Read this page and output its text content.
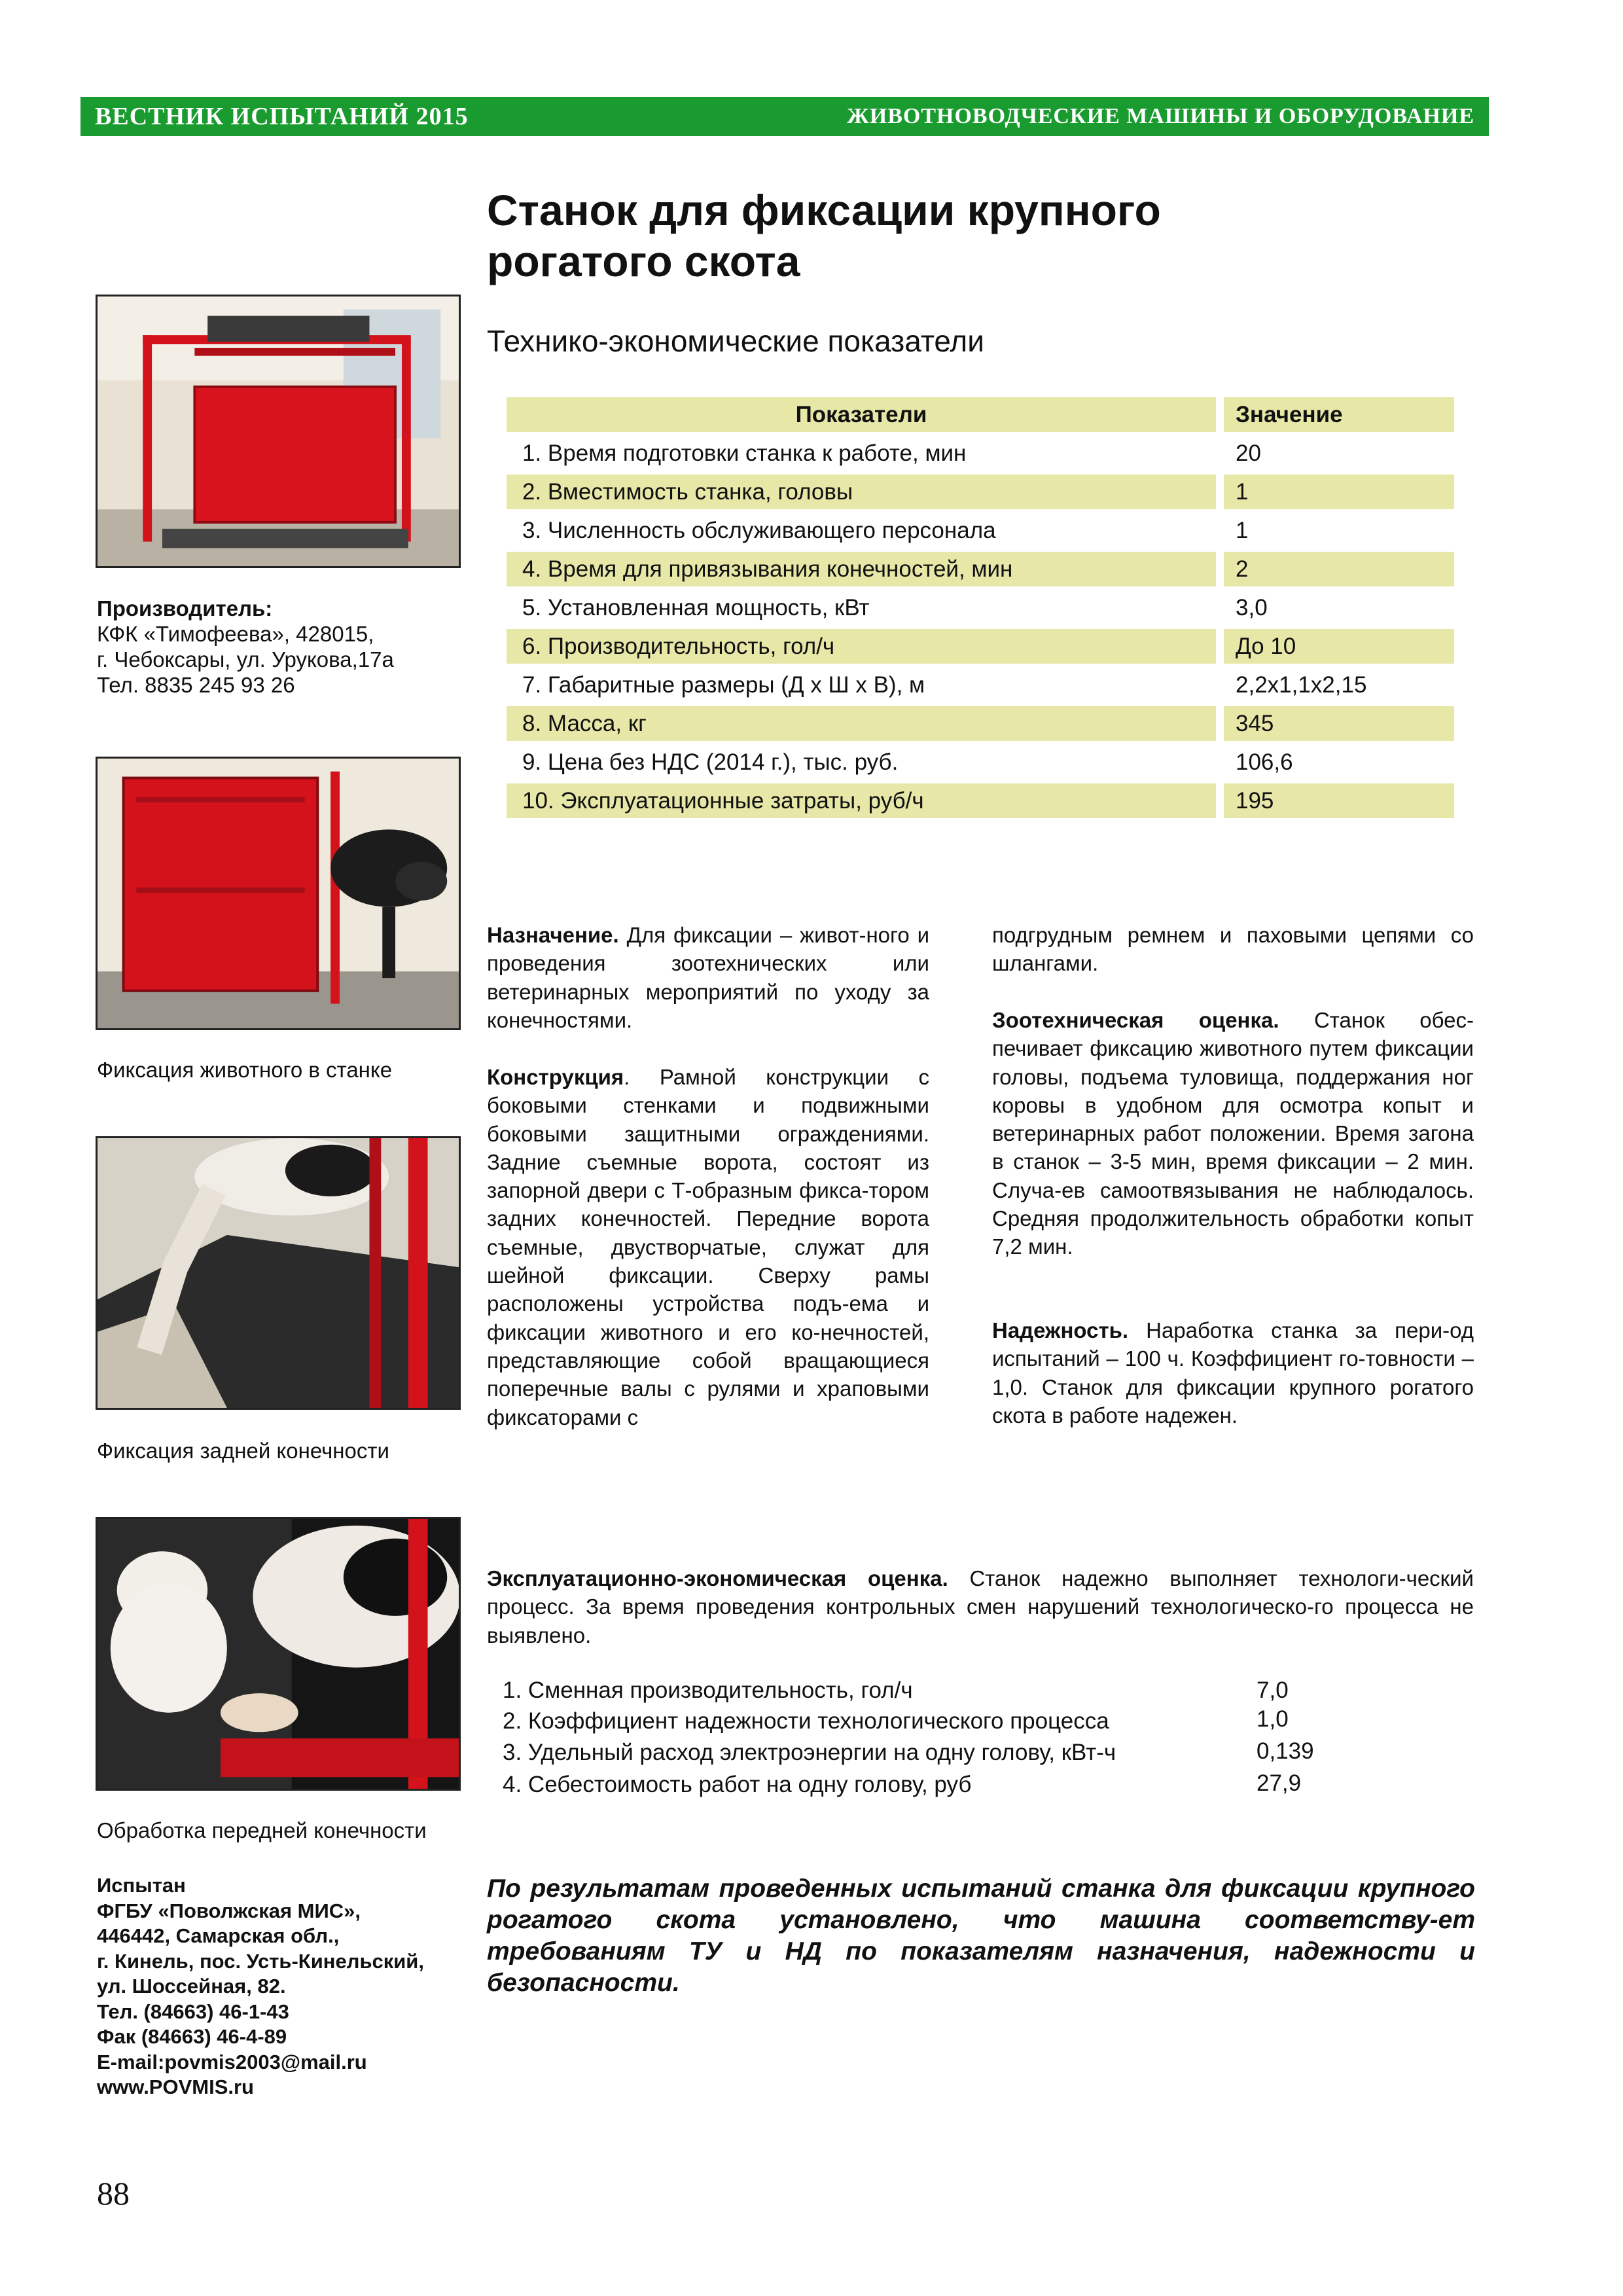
ВЕСТНИК ИСПЫТАНИЙ 2015	ЖИВОТНОВОДЧЕСКИЕ МАШИНЫ И ОБОРУДОВАНИЕ
Станок для фиксации крупного
рогатого скота
Технико-экономические показатели
Показатели	Значение
1. Время подготовки станка к работе, мин	20
2. Вместимость станка, головы	1
3. Численность обслуживающего персонала	1
4. Время для привязывания конечностей, мин	2
5. Установленная мощность, кВт	3,0
6. Производительность, гол/ч	До 10
7. Габаритные размеры (Д х Ш х В), м	2,2х1,1х2,15
8. Масса, кг	345
9. Цена без НДС (2014 г.), тыс. руб.	106,6
10. Эксплуатационные затраты, руб/ч	195
Производитель:
КФК «Тимофеева», 428015,
г. Чебоксары, ул. Урукова,17а
Тел. 8835 245 93 26
Фиксация животного в станке
Фиксация задней конечности
Обработка передней конечности
Назначение. Для фиксации – живот-ного и проведения зоотехнических или ветеринарных мероприятий по уходу за конечностями.
Конструкция. Рамной конструкции с боковыми стенками и подвижными боковыми защитными ограждениями. Задние съемные ворота, состоят из запорной двери с Т-образным фикса-тором задних конечностей. Передние ворота съемные, двустворчатые, служат для шейной фиксации. Сверху рамы расположены устройства подъ-ема и фиксации животного и его ко-нечностей, представляющие собой вращающиеся поперечные валы с рулями и храповыми фиксаторами с
подгрудным ремнем и паховыми цепями со шлангами.
Зоотехническая оценка. Станок обес-печивает фиксацию животного путем фиксации головы, подъема туловища, поддержания ног коровы в удобном для осмотра копыт и ветеринарных работ положении. Время загона в станок – 3-5 мин, время фиксации – 2 мин. Случа-ев самоотвязывания не наблюдалось. Средняя продолжительность обработки копыт 7,2 мин.
Надежность. Наработка станка за пери-од испытаний – 100 ч. Коэффициент го-товности – 1,0. Станок для фиксации крупного рогатого скота в работе надежен.
Эксплуатационно-экономическая оценка. Станок надежно выполняет технологи-ческий процесс. За время проведения контрольных смен нарушений технологическо-го процесса не выявлено.
1. Сменная производительность, гол/ч	7,0
2. Коэффициент надежности технологического процесса	1,0
3. Удельный расход электроэнергии на одну голову, кВт-ч	0,139
4. Себестоимость работ на одну голову, руб	27,9
По результатам проведенных испытаний станка для фиксации крупного рогатого скота установлено, что машина соответству-ет требованиям ТУ и НД по показателям назначения, надежности и безопасности.
Испытан
ФГБУ «Поволжская МИС»,
446442, Самарская обл.,
г. Кинель, пос. Усть-Кинельский,
ул. Шоссейная, 82.
Тел. (84663) 46-1-43
Фак (84663) 46-4-89
E-mail:povmis2003@mail.ru
www.POVMIS.ru
88
